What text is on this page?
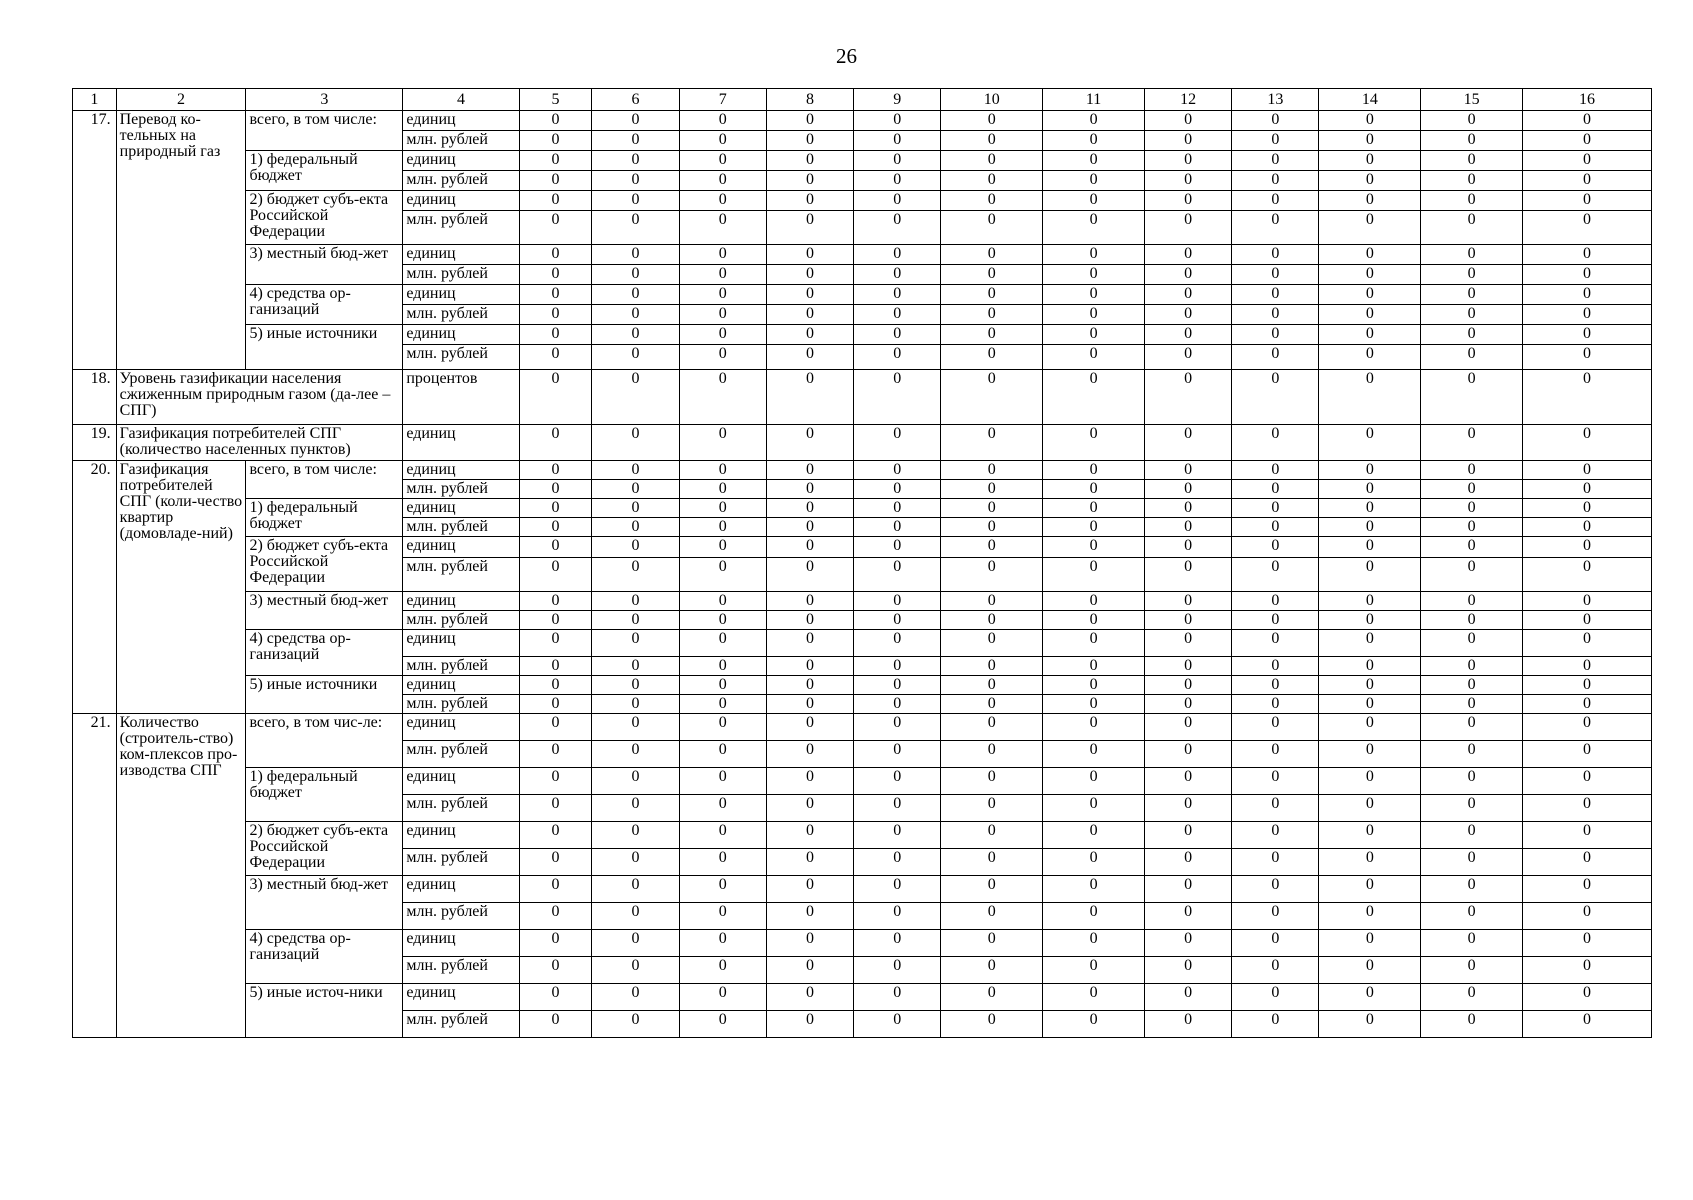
26
1	2	3	4	5	6	7	8	9	10	11	12	13	14	15	16
17.	Перевод ко-тельных на природный газ	всего, в том числе:	единиц	0	0	0	0	0	0	0	0	0	0	0	0
			млн. рублей	0	0	0	0	0	0	0	0	0	0	0	0
		1) федеральный бюджет	единиц	0	0	0	0	0	0	0	0	0	0	0	0
			млн. рублей	0	0	0	0	0	0	0	0	0	0	0	0
		2) бюджет субъ-екта Российской Федерации	единиц	0	0	0	0	0	0	0	0	0	0	0	0
			млн. рублей	0	0	0	0	0	0	0	0	0	0	0	0
		3) местный бюд-жет	единиц	0	0	0	0	0	0	0	0	0	0	0	0
			млн. рублей	0	0	0	0	0	0	0	0	0	0	0	0
		4) средства ор-ганизаций	единиц	0	0	0	0	0	0	0	0	0	0	0	0
			млн. рублей	0	0	0	0	0	0	0	0	0	0	0	0
		5) иные источники	единиц	0	0	0	0	0	0	0	0	0	0	0	0
			млн. рублей	0	0	0	0	0	0	0	0	0	0	0	0
18.	Уровень газификации населения сжиженным природным газом (да-лее – СПГ)		процентов	0	0	0	0	0	0	0	0	0	0	0	0
19.	Газификация потребителей СПГ (количество населенных пунктов)		единиц	0	0	0	0	0	0	0	0	0	0	0	0
20.	Газификация потребителей СПГ (коли-чество квартир (домовладе-ний)	всего, в том числе:	единиц	0	0	0	0	0	0	0	0	0	0	0	0
			млн. рублей	0	0	0	0	0	0	0	0	0	0	0	0
		1) федеральный бюджет	единиц	0	0	0	0	0	0	0	0	0	0	0	0
			млн. рублей	0	0	0	0	0	0	0	0	0	0	0	0
		2) бюджет субъ-екта Российской Федерации	единиц	0	0	0	0	0	0	0	0	0	0	0	0
			млн. рублей	0	0	0	0	0	0	0	0	0	0	0	0
		3) местный бюд-жет	единиц	0	0	0	0	0	0	0	0	0	0	0	0
			млн. рублей	0	0	0	0	0	0	0	0	0	0	0	0
		4) средства ор-ганизаций	единиц	0	0	0	0	0	0	0	0	0	0	0	0
			млн. рублей	0	0	0	0	0	0	0	0	0	0	0	0
		5) иные источники	единиц	0	0	0	0	0	0	0	0	0	0	0	0
			млн. рублей	0	0	0	0	0	0	0	0	0	0	0	0
21.	Количество (строитель-ство) ком-плексов про-изводства СПГ	всего, в том чис-ле:	единиц	0	0	0	0	0	0	0	0	0	0	0	0
			млн. рублей	0	0	0	0	0	0	0	0	0	0	0	0
		1) федеральный бюджет	единиц	0	0	0	0	0	0	0	0	0	0	0	0
			млн. рублей	0	0	0	0	0	0	0	0	0	0	0	0
		2) бюджет субъ-екта Российской Федерации	единиц	0	0	0	0	0	0	0	0	0	0	0	0
			млн. рублей	0	0	0	0	0	0	0	0	0	0	0	0
		3) местный бюд-жет	единиц	0	0	0	0	0	0	0	0	0	0	0	0
			млн. рублей	0	0	0	0	0	0	0	0	0	0	0	0
		4) средства ор-ганизаций	единиц	0	0	0	0	0	0	0	0	0	0	0	0
			млн. рублей	0	0	0	0	0	0	0	0	0	0	0	0
		5) иные источ-ники	единиц	0	0	0	0	0	0	0	0	0	0	0	0
			млн. рублей	0	0	0	0	0	0	0	0	0	0	0	0
